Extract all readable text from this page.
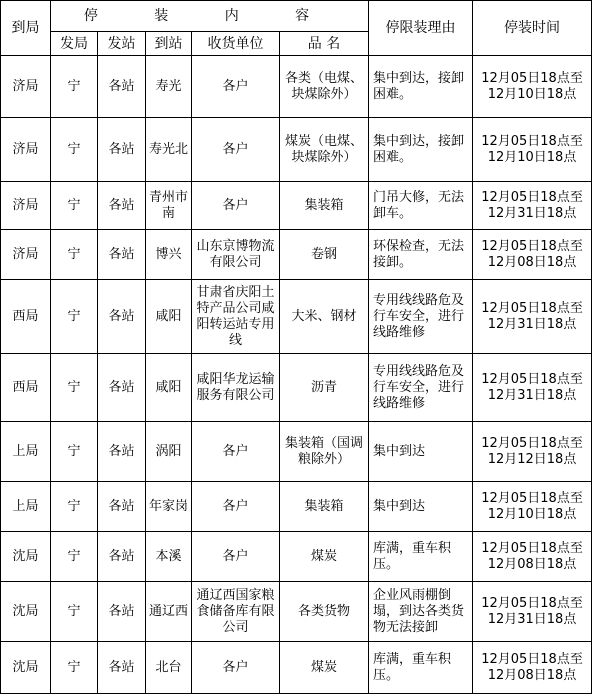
到局	停 装 内 容					停限装理由	停装时间
	发局	发站	到站	收货单位	品 名		
济局	宁	各站	寿光	各户	各类（电煤、块煤除外）	集中到达，接卸困难。	12月05日18点至12月10日18点
济局	宁	各站	寿光北	各户	煤炭（电煤、块煤除外）	集中到达，接卸困难。	12月05日18点至12月10日18点
济局	宁	各站	青州市南	各户	集装箱	门吊大修，无法卸车。	12月05日18点至12月31日18点
济局	宁	各站	博兴	山东京博物流有限公司	卷钢	环保检查，无法接卸。	12月05日18点至12月08日18点
西局	宁	各站	咸阳	甘肃省庆阳土特产品公司咸阳转运站专用线	大米、钢材	专用线线路危及行车安全，进行线路维修	12月05日18点至12月31日18点
西局	宁	各站	咸阳	咸阳华龙运输服务有限公司	沥青	专用线线路危及行车安全，进行线路维修	12月05日18点至12月31日18点
上局	宁	各站	涡阳	各户	集装箱（国调粮除外）	集中到达	12月05日18点至12月12日18点
上局	宁	各站	年家岗	各户	集装箱	集中到达	12月05日18点至12月10日18点
沈局	宁	各站	本溪	各户	煤炭	库满，重车积压。	12月05日18点至12月08日18点
沈局	宁	各站	通辽西	通辽西国家粮食储备库有限公司	各类货物	企业风雨棚倒塌，到达各类货物无法接卸	12月05日18点至12月31日18点
沈局	宁	各站	北台	各户	煤炭	库满，重车积压。	12月05日18点至12月08日18点
